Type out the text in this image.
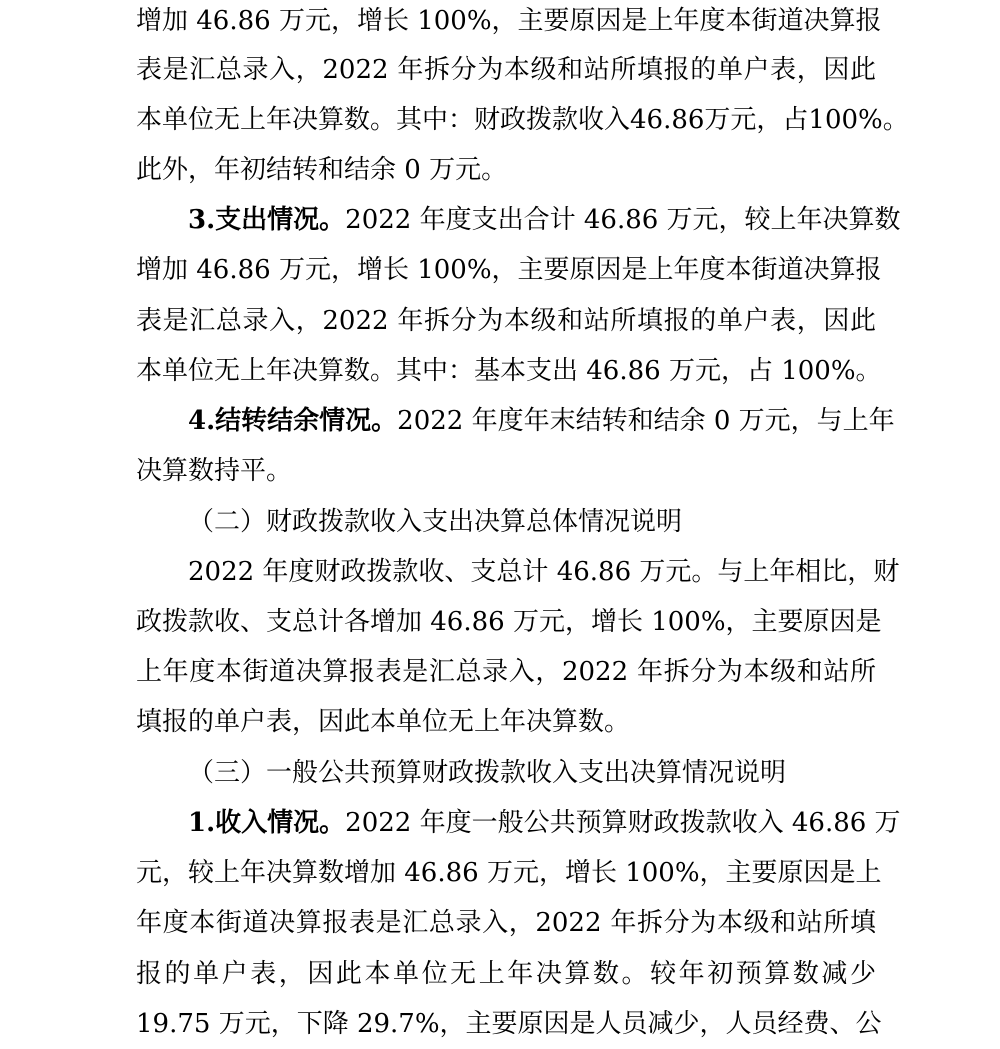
增加 46.86 万元，增长 100%，主要原因是上年度本街道决算报
表是汇总录入，2022 年拆分为本级和站所填报的单户表，因此
本单位无上年决算数。其中：财政拨款收入46.86万元，占100%。
此外，年初结转和结余 0 万元。
3.支出情况。2022 年度支出合计 46.86 万元，较上年决算数
增加 46.86 万元，增长 100%，主要原因是上年度本街道决算报
表是汇总录入，2022 年拆分为本级和站所填报的单户表，因此
本单位无上年决算数。其中：基本支出 46.86 万元，占 100%。
4.结转结余情况。2022 年度年末结转和结余 0 万元，与上年
决算数持平。
（二）财政拨款收入支出决算总体情况说明
2022 年度财政拨款收、支总计 46.86 万元。与上年相比，财
政拨款收、支总计各增加 46.86 万元，增长 100%，主要原因是
上年度本街道决算报表是汇总录入，2022 年拆分为本级和站所
填报的单户表，因此本单位无上年决算数。
（三）一般公共预算财政拨款收入支出决算情况说明
1.收入情况。2022 年度一般公共预算财政拨款收入 46.86 万
元，较上年决算数增加 46.86 万元，增长 100%，主要原因是上
年度本街道决算报表是汇总录入，2022 年拆分为本级和站所填
报的单户表，因此本单位无上年决算数。较年初预算数减少
19.75 万元，下降 29.7%，主要原因是人员减少，人员经费、公
